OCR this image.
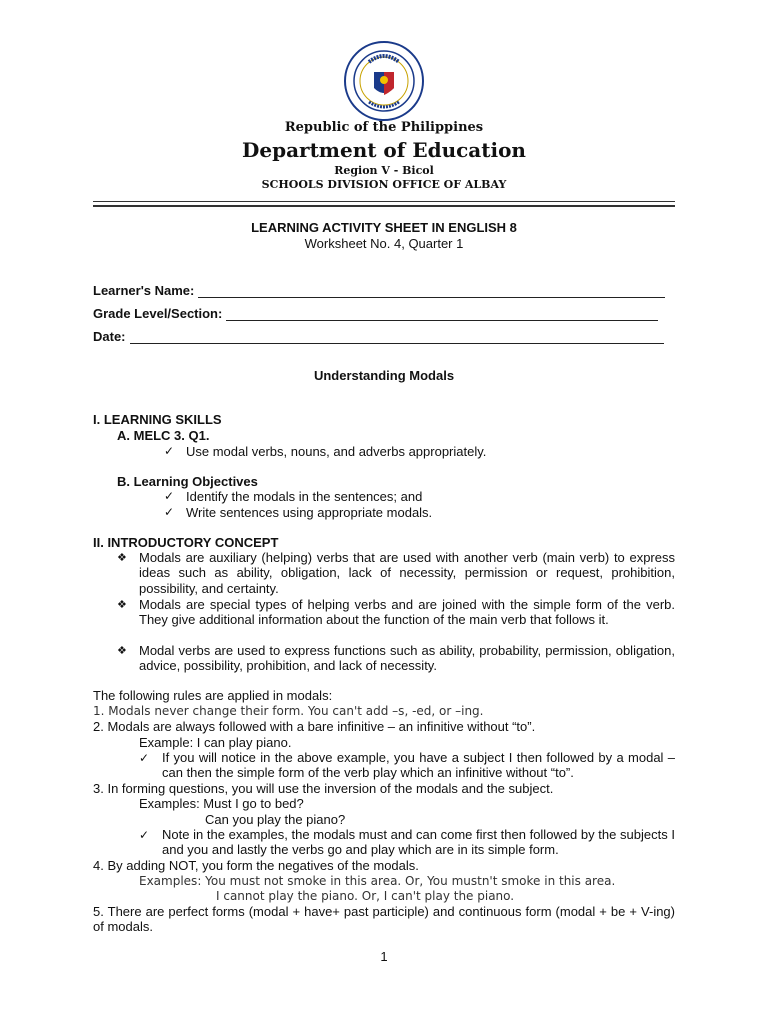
Republic of the Philippines
Department of Education
Region V - Bicol
SCHOOLS DIVISION OFFICE OF ALBAY
LEARNING ACTIVITY SHEET IN ENGLISH 8
Worksheet No. 4, Quarter 1
Learner's Name:
Grade Level/Section:
Date:
Understanding Modals
I. LEARNING SKILLS
A. MELC 3. Q1.
✓ Use modal verbs, nouns, and adverbs appropriately.
B. Learning Objectives
✓ Identify the modals in the sentences; and
✓ Write sentences using appropriate modals.
II. INTRODUCTORY CONCEPT
❖ Modals are auxiliary (helping) verbs that are used with another verb (main verb) to express ideas such as ability, obligation, lack of necessity, permission or request, prohibition, possibility, and certainty.
❖ Modals are special types of helping verbs and are joined with the simple form of the verb. They give additional information about the function of the main verb that follows it.
❖ Modal verbs are used to express functions such as ability, probability, permission, obligation, advice, possibility, prohibition, and lack of necessity.
The following rules are applied in modals:
1. Modals never change their form. You can't add –s, -ed, or –ing.
2. Modals are always followed with a bare infinitive – an infinitive without “to”.
Example: I can play piano.
✓ If you will notice in the above example, you have a subject I then followed by a modal – can then the simple form of the verb play which an infinitive without “to”.
3. In forming questions, you will use the inversion of the modals and the subject.
Examples: Must I go to bed?
Can you play the piano?
✓ Note in the examples, the modals must and can come first then followed by the subjects I and you and lastly the verbs go and play which are in its simple form.
4. By adding NOT, you form the negatives of the modals.
Examples: You must not smoke in this area. Or, You mustn't smoke in this area.
I cannot play the piano. Or, I can't play the piano.
5. There are perfect forms (modal + have+ past participle) and continuous form (modal + be + V-ing) of modals.
1
